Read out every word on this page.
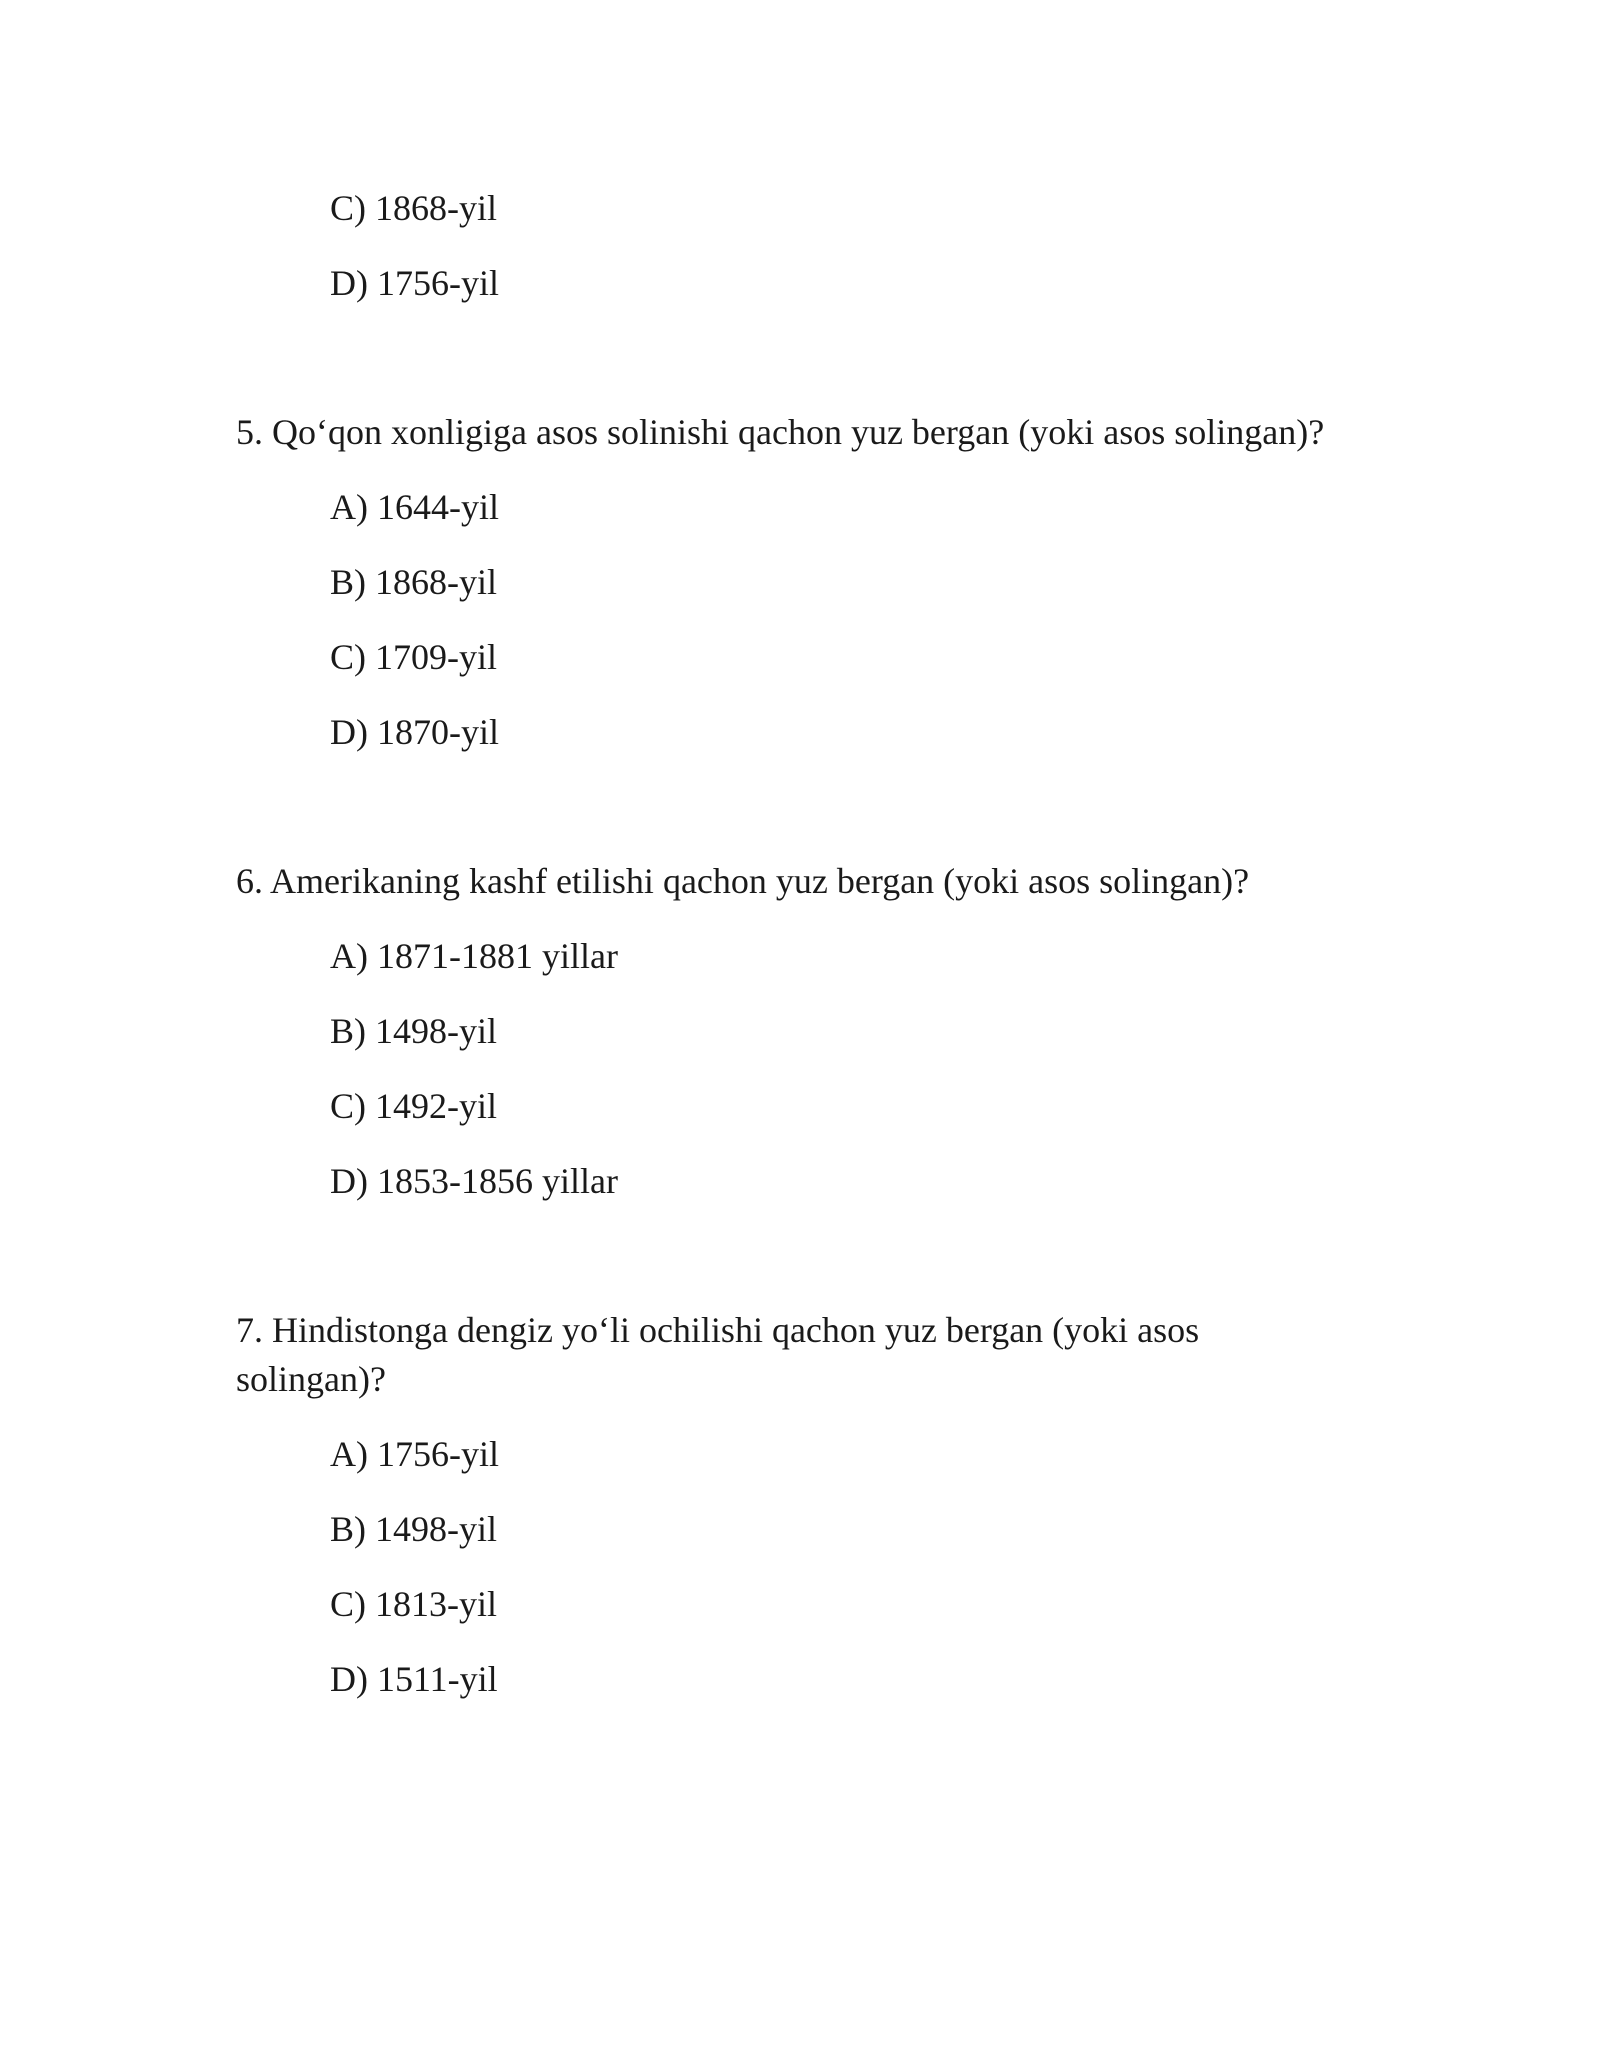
C) 1868-yil
D) 1756-yil
5. Qo‘qon xonligiga asos solinishi qachon yuz bergan (yoki asos solingan)?
A) 1644-yil
B) 1868-yil
C) 1709-yil
D) 1870-yil
6. Amerikaning kashf etilishi qachon yuz bergan (yoki asos solingan)?
A) 1871-1881 yillar
B) 1498-yil
C) 1492-yil
D) 1853-1856 yillar
7. Hindistonga dengiz yo‘li ochilishi qachon yuz bergan (yoki asos
solingan)?
A) 1756-yil
B) 1498-yil
C) 1813-yil
D) 1511-yil
